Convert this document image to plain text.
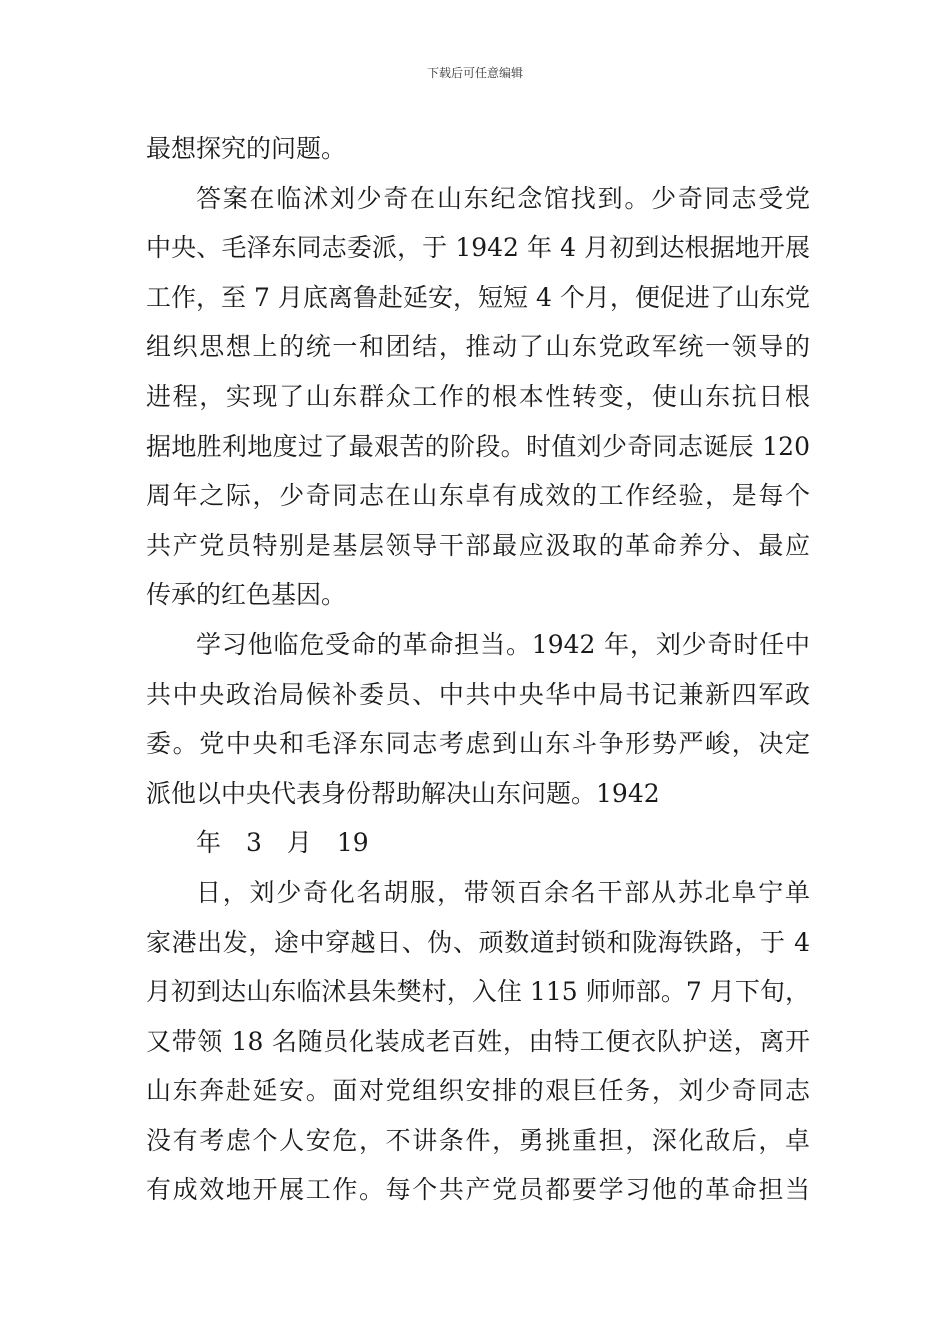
下载后可任意编辑
最想探究的问题。
答案在临沭刘少奇在山东纪念馆找到。少奇同志受党
中央、毛泽东同志委派，于 1942 年 4 月初到达根据地开展
工作，至 7 月底离鲁赴延安，短短 4 个月，便促进了山东党
组织思想上的统一和团结，推动了山东党政军统一领导的
进程，实现了山东群众工作的根本性转变，使山东抗日根
据地胜利地度过了最艰苦的阶段。时值刘少奇同志诞辰 120
周年之际，少奇同志在山东卓有成效的工作经验，是每个
共产党员特别是基层领导干部最应汲取的革命养分、最应
传承的红色基因。
学习他临危受命的革命担当。1942 年，刘少奇时任中
共中央政治局候补委员、中共中央华中局书记兼新四军政
委。党中央和毛泽东同志考虑到山东斗争形势严峻，决定
派他以中央代表身份帮助解决山东问题。1942
年　3　月　19
日，刘少奇化名胡服，带领百余名干部从苏北阜宁单
家港出发，途中穿越日、伪、顽数道封锁和陇海铁路，于 4
月初到达山东临沭县朱樊村，入住 115 师师部。7 月下旬，
又带领 18 名随员化装成老百姓，由特工便衣队护送，离开
山东奔赴延安。面对党组织安排的艰巨任务，刘少奇同志
没有考虑个人安危，不讲条件，勇挑重担，深化敌后，卓
有成效地开展工作。每个共产党员都要学习他的革命担当
